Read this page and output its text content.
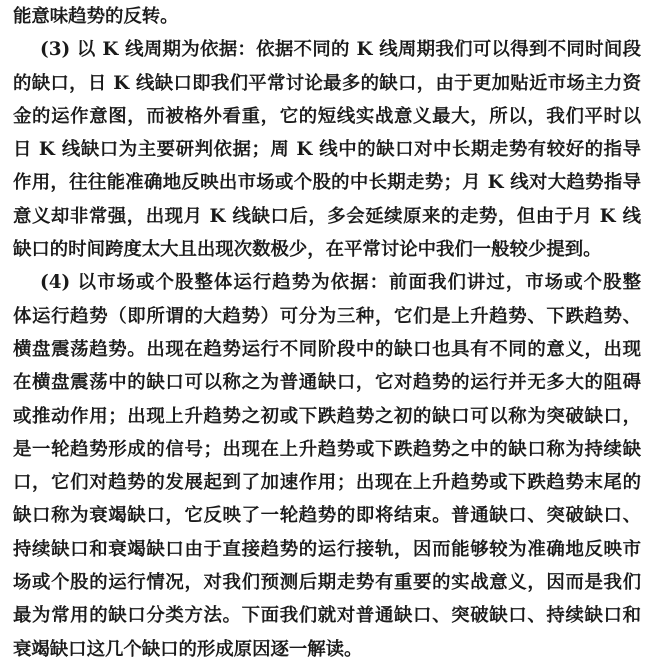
能意味趋势的反转。
(3) 以 K 线周期为依据：依据不同的 K 线周期我们可以得到不同时间段
的缺口，日 K 线缺口即我们平常讨论最多的缺口，由于更加贴近市场主力资
金的运作意图，而被格外看重，它的短线实战意义最大，所以，我们平时以
日 K 线缺口为主要研判依据；周 K 线中的缺口对中长期走势有较好的指导
作用，往往能准确地反映出市场或个股的中长期走势；月 K 线对大趋势指导
意义却非常强，出现月 K 线缺口后，多会延续原来的走势，但由于月 K 线
缺口的时间跨度太大且出现次数极少，在平常讨论中我们一般较少提到。
(4) 以市场或个股整体运行趋势为依据：前面我们讲过，市场或个股整
体运行趋势（即所谓的大趋势）可分为三种，它们是上升趋势、下跌趋势、
横盘震荡趋势。出现在趋势运行不同阶段中的缺口也具有不同的意义，出现
在横盘震荡中的缺口可以称之为普通缺口，它对趋势的运行并无多大的阻碍
或推动作用；出现上升趋势之初或下跌趋势之初的缺口可以称为突破缺口，
是一轮趋势形成的信号；出现在上升趋势或下跌趋势之中的缺口称为持续缺
口，它们对趋势的发展起到了加速作用；出现在上升趋势或下跌趋势末尾的
缺口称为衰竭缺口，它反映了一轮趋势的即将结束。普通缺口、突破缺口、
持续缺口和衰竭缺口由于直接趋势的运行接轨，因而能够较为准确地反映市
场或个股的运行情况，对我们预测后期走势有重要的实战意义，因而是我们
最为常用的缺口分类方法。下面我们就对普通缺口、突破缺口、持续缺口和
衰竭缺口这几个缺口的形成原因逐一解读。
